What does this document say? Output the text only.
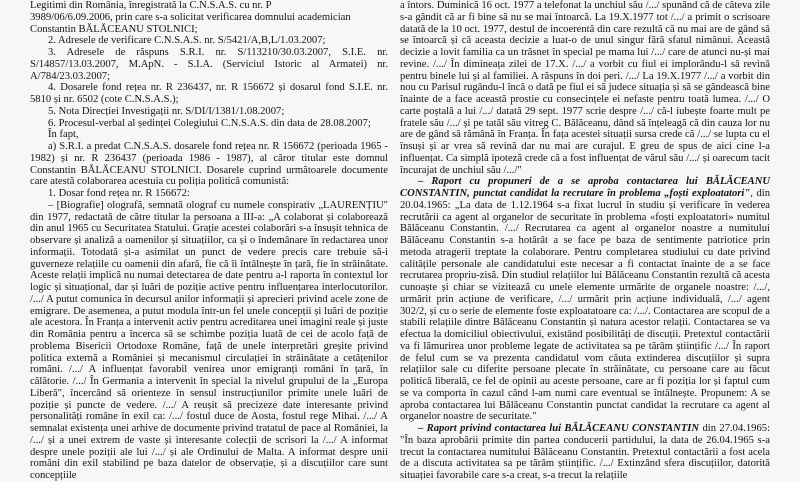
Legitimi din România, înregistrată la C.N.S.A.S. cu nr. P

3989/06/6.09.2006, prin care s-a solicitat verificarea domnului academician

Constantin BĂLĂCEANU STOLNICI;

2. Adresele de verificare C.N.S.A.S. nr. S/5421/A,B,L/1.03.2007;

3. Adresele de răspuns S.R.I. nr. S/113210/30.03.2007, S.I.E. nr. S/14857/13.03.2007, M.ApN. - S.I.A. (Serviciul Istoric al Armatei) nr. A/784/23.03.2007;

4. Dosarele fond rețea nr. R 236437, nr. R 156672 și dosarul fond S.I.E. nr. 5810 și nr. 6502 (cote C.N.S.A.S.);

5. Nota Direcției Investigații nr. S/DI/I/1381/1.08.2007;

6. Procesul-verbal al ședinței Colegiului C.N.S.A.S. din data de 28.08.2007;

În fapt,

a) S.R.I. a predat C.N.S.A.S. dosarele fond rețea nr. R 156672 (perioada 1965 - 1982) și nr. R 236437 (perioada 1986 - 1987), al căror titular este domnul Constantin BĂLĂCEANU STOLNICI. Dosarele cuprind următoarele documente care atestă colaborarea acestuia cu poliția politică comunistă:

1. Dosar fond rețea nr. R 156672:

– [Biografie] olografă, semnată olograf cu numele conspirativ „LAURENȚIU" din 1977, redactată de către titular la persoana a III-a: „A colaborat și colaborează din anul 1965 cu Securitatea Statului. Grație acestei colaborări s-a însușit tehnica de observare și analiză a oamenilor și situațiilor, ca și o îndemânare în redactarea unor informații. Totodată și-a asimilat un punct de vedere precis care trebuie să-i guverneze relațiile cu oamenii din afară, fie că îi întâlnește în țară, fie în străinătate. Aceste relații implică nu numai detectarea de date pentru a-l raporta în contextul lor logic și situațional, dar și luări de poziție active pentru influențarea interlocutorilor. /.../ A putut comunica în decursul anilor informații și aprecieri privind acele zone de emigrare. De asemenea, a putut modula într-un fel unele concepții și luări de poziție ale acestora. În Franța a intervenit activ pentru acreditarea unei imagini reale și juste din România pentru a încerca să se schimbe poziția luată de cei de acolo față de problema Bisericii Ortodoxe Române, față de unele interpretări greșite privind politica externă a României și mecanismul circulației în străinătate a cetățenilor români. /.../ A influențat favorabil venirea unor emigranți români în țară, în călătorie. /.../ În Germania a intervenit în special la nivelul grupului de la „Europa Liberă", încercând să orienteze în sensul instrucțiunilor primite unele luări de poziție și puncte de vedere. /.../ A reușit să precizeze date interesante privind personalități române în exil ca: /.../ fostul duce de Aosta, fostul rege Mihai. /.../ A semnalat existența unei arhive de documente privind tratatul de pace al României, la /.../ și a unei extrem de vaste și interesante colecții de scrisori la /.../ A informat despre unele poziții ale lui /.../ și ale Ordinului de Malta. A informat despre unii români din exil stabilind pe baza datelor de observație, și a discuțiilor care sunt concepțiile

a întors. Duminică 16 oct. 1977 a telefonat la unchiul său /.../ spunând că de câteva zile s-a gândit că ar fi bine să nu se mai întoarcă. La 19.X.1977 tot /.../ a primit o scrisoare datată de la 10 oct. 1977, destul de incoerentă din care rezultă că nu mai are de gând să se întoarcă și că aceasta decizie a luat-o de unul singur fără sfatul nimănui. Această decizie a lovit familia ca un trăsnet în special pe mama lui /.../ care de atunci nu-și mai revine. /.../ În dimineața zilei de 17.X. /.../ a vorbit cu fiul ei implorându-l să revină pentru binele lui și al familiei. A răspuns în doi peri. /.../ La 19.X.1977 /.../ a vorbit din nou cu Parisul rugându-l încă o dată pe fiul ei să judece situația și să se gândească bine înainte de a face această prostie cu consecințele ei nefaste pentru toată lumea. /.../ O carte poștală a lui /.../ datată 29 sept. 1977 scrie despre /.../ că-l iubește foarte mult pe fratele său /.../ și pe tatăl său vitreg C. Bălăceanu, dând să înțeleagă că din cauza lor nu are de gând să rămână în Franța. În fața acestei situații sursa crede că /.../ se lupta cu el însuși și ar vrea să revină dar nu mai are curajul. E greu de spus de aici cine l-a influențat. Ca simplă ipoteză crede că a fost influențat de vărul său /.../ și oarecum tacit încurajat de unchiul său /.../"

– Raport cu propuneri de a se aproba contactarea lui BĂLĂCEANU CONSTANTIN, punctat candidat la recrutare în problema „foști exploatatori", din 20.04.1965: „La data de 1.12.1964 s-a fixat lucrul în studiu și verificare în vederea recrutării ca agent al organelor de securitate în problema «foști exploatatori» numitul Bălăceanu Constantin. /.../ Recrutarea ca agent al organelor noastre a numitului Bălăceanu Constantin s-a hotărât a se face pe baza de sentimente patriotice prin metoda atragerii treptate la colaborare. Pentru completarea studiului cu date privind calitățile personale ale candidatului este necesar a fi contactat înainte de a se face recrutarea propriu-zisă. Din studiul relațiilor lui Bălăceanu Constantin rezultă că acesta cunoaște și chiar se vizitează cu unele elemente urmărite de organele noastre: /.../, urmărit prin acțiune de verificare, /.../ urmărit prin acțiune individuală, /.../ agent 302/2, și cu o serie de elemente foste exploatatoare ca: /.../. Contactarea are scopul de a stabili relațiile dintre Bălăceanu Constantin și natura acestor relații. Contactarea se va efectua la domiciliul obiectivului, existând posibilități de discuții. Pretextul contactării va fi lămurirea unor probleme legate de activitatea sa pe tărâm științific /.../ În raport de felul cum se va prezenta candidatul vom căuta extinderea discuțiilor și supra relațiilor sale cu diferite persoane plecate în străinătate, cu persoane care au făcut politică liberală, ce fel de opinii au aceste persoane, care ar fi poziția lor și faptul cum se va comporta în cazul când l-am numi care eventual se întâlnește. Propunem: A se aproba contactarea lui Bălăceanu Constantin punctat candidat la recrutare ca agent al organelor noastre de securitate."

– Raport privind contactarea lui BĂLĂCEANU CONSTANTIN din 27.04.1965: "În baza aprobării primite din partea conducerii partidului, la data de 26.04.1965 s-a trecut la contactarea numitului Bălăceanu Constantin. Pretextul contactării a fost acela de a discuta activitatea sa pe tărâm științific. /.../ Extinzând sfera discuțiilor, datorită situației favorabile care s-a creat, s-a trecut la relațiile
